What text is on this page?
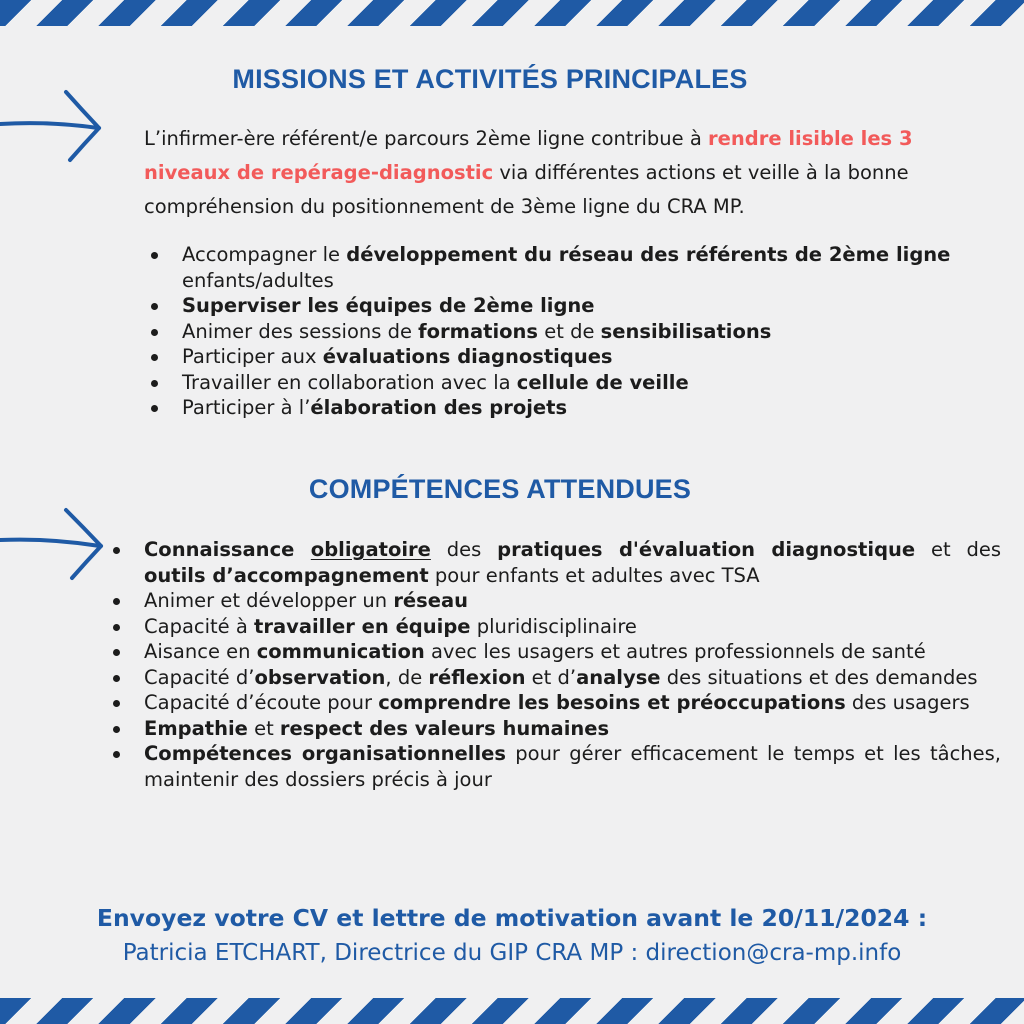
MISSIONS ET ACTIVITÉS PRINCIPALES

L’infirmer-ère référent/e parcours 2ème ligne contribue à rendre lisible les 3 niveaux de repérage-diagnostic via différentes actions et veille à la bonne compréhension du positionnement de 3ème ligne du CRA MP.

Accompagner le développement du réseau des référents de 2ème ligne enfants/adultes
Superviser les équipes de 2ème ligne
Animer des sessions de formations et de sensibilisations
Participer aux évaluations diagnostiques
Travailler en collaboration avec la cellule de veille
Participer à l’élaboration des projets
COMPÉTENCES ATTENDUES
Connaissance obligatoire des pratiques d'évaluation diagnostique et des outils d’accompagnement pour enfants et adultes avec TSA
Animer et développer un réseau
Capacité à travailler en équipe pluridisciplinaire
Aisance en communication avec les usagers et autres professionnels de santé
Capacité d’observation, de réflexion et d’analyse des situations et des demandes
Capacité d’écoute pour comprendre les besoins et préoccupations des usagers
Empathie et respect des valeurs humaines
Compétences organisationnelles pour gérer efficacement le temps et les tâches, maintenir des dossiers précis à jour

Envoyez votre CV et lettre de motivation avant le 20/11/2024 :

Patricia ETCHART, Directrice du GIP CRA MP : direction@cra-mp.info
